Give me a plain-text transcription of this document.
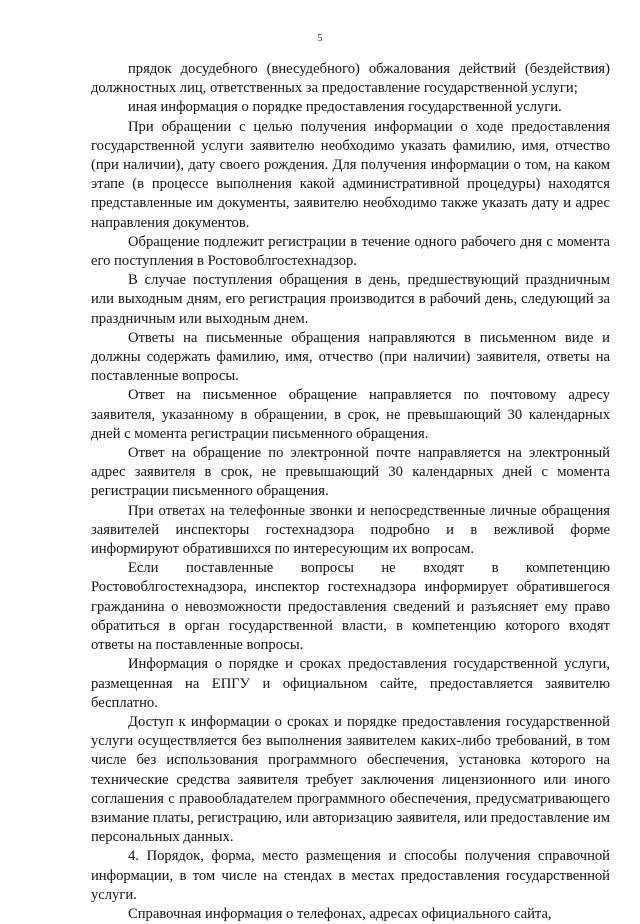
5

прядок досудебного (внесудебного) обжалования действий (бездействия) должностных лиц, ответственных за предоставление государственной услуги;

иная информация о порядке предоставления государственной услуги.

При обращении с целью получения информации о ходе предоставления государственной услуги заявителю необходимо указать фамилию, имя, отчество (при наличии), дату своего рождения. Для получения информации о том, на каком этапе (в процессе выполнения какой административной процедуры) находятся представленные им документы, заявителю необходимо также указать дату и адрес направления документов.

Обращение подлежит регистрации в течение одного рабочего дня с момента его поступления в Ростовоблгостехнадзор.

В случае поступления обращения в день, предшествующий праздничным или выходным дням, его регистрация производится в рабочий день, следующий за праздничным или выходным днем.

Ответы на письменные обращения направляются в письменном виде и должны содержать фамилию, имя, отчество (при наличии) заявителя, ответы на поставленные вопросы.

Ответ на письменное обращение направляется по почтовому адресу заявителя, указанному в обращении, в срок, не превышающий 30 календарных дней с момента регистрации письменного обращения.

Ответ на обращение по электронной почте направляется на электронный адрес заявителя в срок, не превышающий 30 календарных дней с момента регистрации письменного обращения.

При ответах на телефонные звонки и непосредственные личные обращения заявителей инспекторы гостехнадзора подробно и в вежливой форме информируют обратившихся по интересующим их вопросам.

Если поставленные вопросы не входят в компетенцию Ростовоблгостехнадзора, инспектор гостехнадзора информирует обратившегося гражданина о невозможности предоставления сведений и разъясняет ему право обратиться в орган государственной власти, в компетенцию которого входят ответы на поставленные вопросы.

Информация о порядке и сроках предоставления государственной услуги, размещенная на ЕПГУ и официальном сайте, предоставляется заявителю бесплатно.

Доступ к информации о сроках и порядке предоставления государственной услуги осуществляется без выполнения заявителем каких-либо требований, в том числе без использования программного обеспечения, установка которого на технические средства заявителя требует заключения лицензионного или иного соглашения с правообладателем программного обеспечения, предусматривающего взимание платы, регистрацию, или авторизацию заявителя, или предоставление им персональных данных.

4. Порядок, форма, место размещения и способы получения справочной информации, в том числе на стендах в местах предоставления государственной услуги.

Справочная информация о телефонах, адресах официального сайта,
